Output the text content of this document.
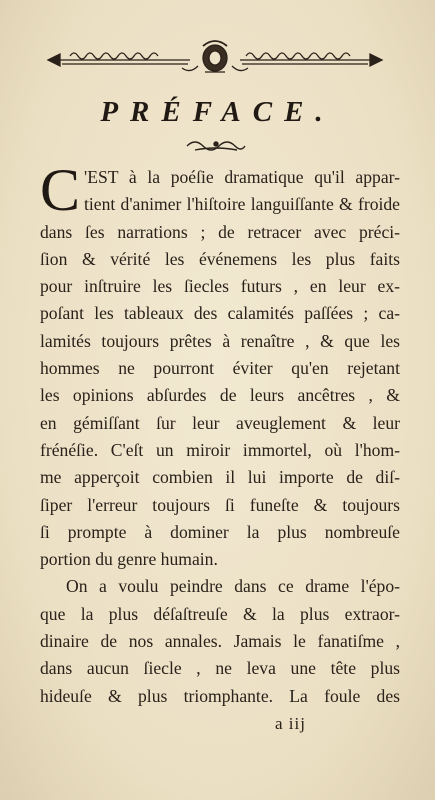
PRÉFACE.
C 'EST à la poéſie dramatique qu'il appar-

tient d'animer l'hiſtoire languiſſante & froide

dans ſes narrations ; de retracer avec préci-

ſion & vérité les événemens les plus faits

pour inſtruire les ſiecles futurs , en leur ex-

poſant les tableaux des calamités paſſées ; ca-

lamités toujours prêtes à renaître , & que les

hommes ne pourront éviter qu'en rejetant

les opinions abſurdes de leurs ancêtres , &

en gémiſſant ſur leur aveuglement & leur

frénéſie. C'eſt un miroir immortel, où l'hom-

me apperçoit combien il lui importe de diſ-

ſiper l'erreur toujours ſi funeſte & toujours

ſi prompte à dominer la plus nombreuſe

portion du genre humain.

On a voulu peindre dans ce drame l'épo-

que la plus déſaſtreuſe & la plus extraor-

dinaire de nos annales. Jamais le fanatiſme ,

dans aucun ſiecle , ne leva une tête plus

hideuſe & plus triomphante. La foule des

a iij
